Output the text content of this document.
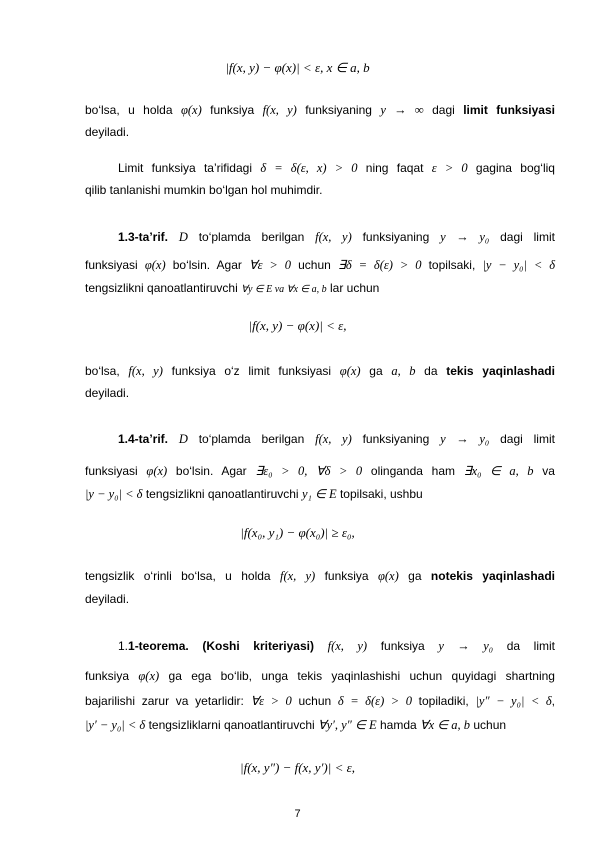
|f(x, y) − φ(x)| < ε, x ∈ a, b
bo‘lsa, u holda φ(x) funksiya f(x, y) funksiyaning y → ∞ dagi limit funksiyasi
deyiladi.
Limit funksiya ta’rifidagi δ = δ(ε, x) > 0 ning faqat ε > 0 gagina bog‘liq
qilib tanlanishi mumkin bo‘lgan hol muhimdir.
1.3-ta’rif. D to‘plamda berilgan f(x, y) funksiyaning y → y₀ dagi limit
funksiyasi φ(x) bo‘lsin. Agar ∀ε > 0 uchun ∃δ = δ(ε) > 0 topilsaki, |y − y₀| < δ
tengsizlikni qanoatlantiruvchi ∀y ∈ E va ∀x ∈ a, b lar uchun
|f(x, y) − φ(x)| < ε,
bo‘lsa, f(x, y) funksiya o‘z limit funksiyasi φ(x) ga a, b da tekis yaqinlashadi
deyiladi.
1.4-ta’rif. D to‘plamda berilgan f(x, y) funksiyaning y → y₀ dagi limit
funksiyasi φ(x) bo‘lsin. Agar ∃ε₀ > 0, ∀δ > 0 olinganda ham ∃x₀ ∈ a, b va
|y − y₀| < δ tengsizlikni qanoatlantiruvchi y₁ ∈ E topilsaki, ushbu
|f(x₀, y₁) − φ(x₀)| ≥ ε₀,
tengsizlik o‘rinli bo‘lsa, u holda f(x, y) funksiya φ(x) ga notekis yaqinlashadi
deyiladi.
1.1-teorema. (Koshi kriteriyasi) f(x, y) funksiya y → y₀ da limit
funksiya φ(x) ga ega bo‘lib, unga tekis yaqinlashishi uchun quyidagi shartning
bajarilishi zarur va yetarlidir: ∀ε > 0 uchun δ = δ(ε) > 0 topiladiki, |y″ − y₀| < δ,
|y′ − y₀| < δ tengsizliklarni qanoatlantiruvchi ∀y′, y″ ∈ E hamda ∀x ∈ a, b uchun
|f(x, y″) − f(x, y′)| < ε,
7
